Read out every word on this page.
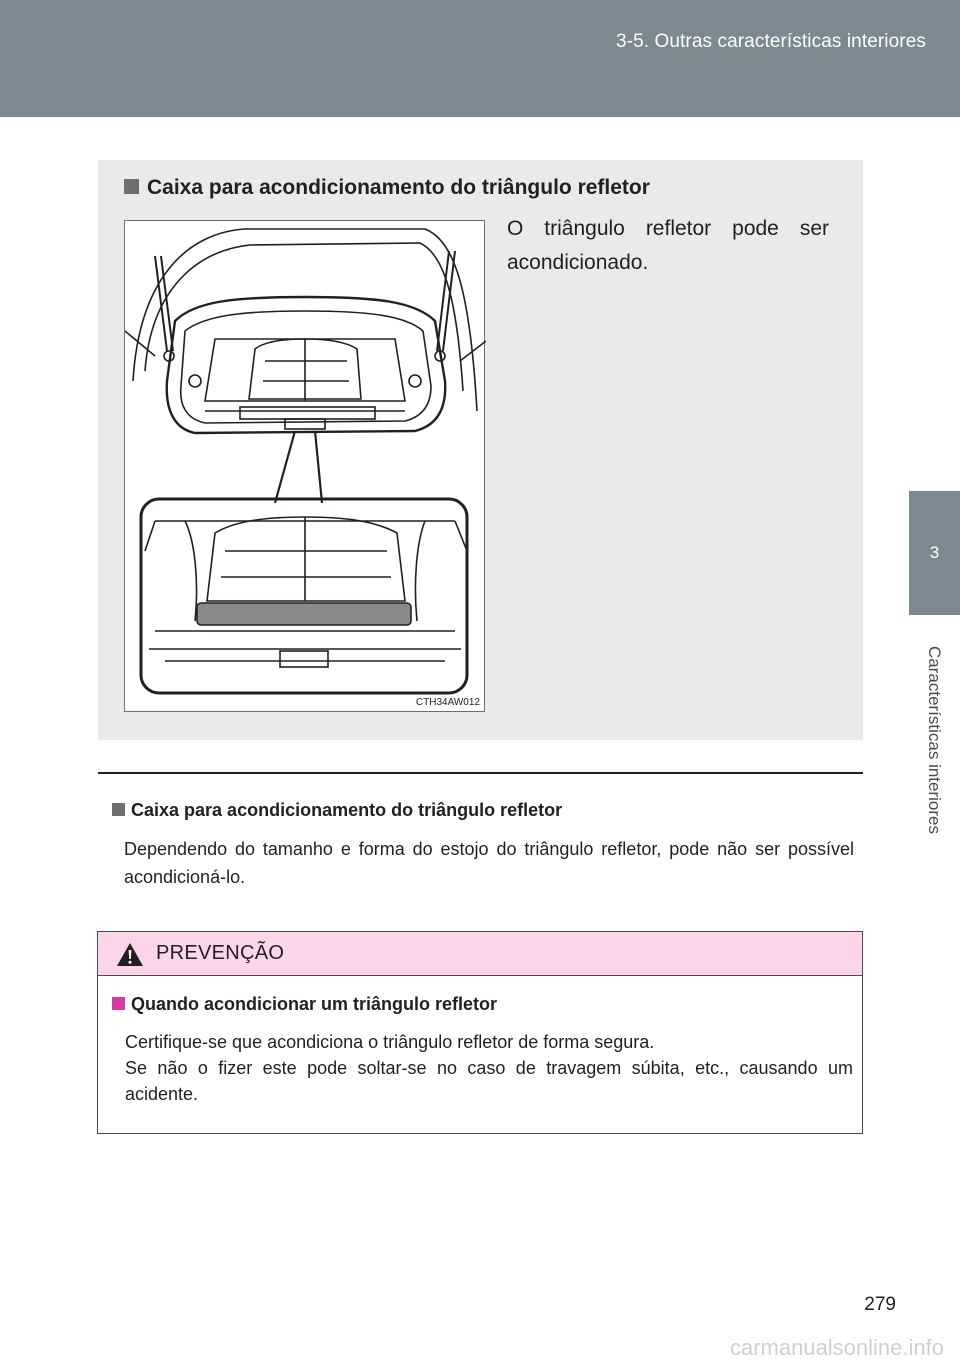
3-5. Outras características interiores
3
Características interiores
Caixa para acondicionamento do triângulo refletor
O triângulo refletor pode ser acondicionado.
CTH34AW012
Caixa para acondicionamento do triângulo refletor
Dependendo do tamanho e forma do estojo do triângulo refletor, pode não ser possível acondicioná-lo.
PREVENÇÃO
Quando acondicionar um triângulo refletor

Certifique-se que acondiciona o triângulo refletor de forma segura.

Se não o fizer este pode soltar-se no caso de travagem súbita, etc., causando um acidente.

279
carmanualsonline.info
